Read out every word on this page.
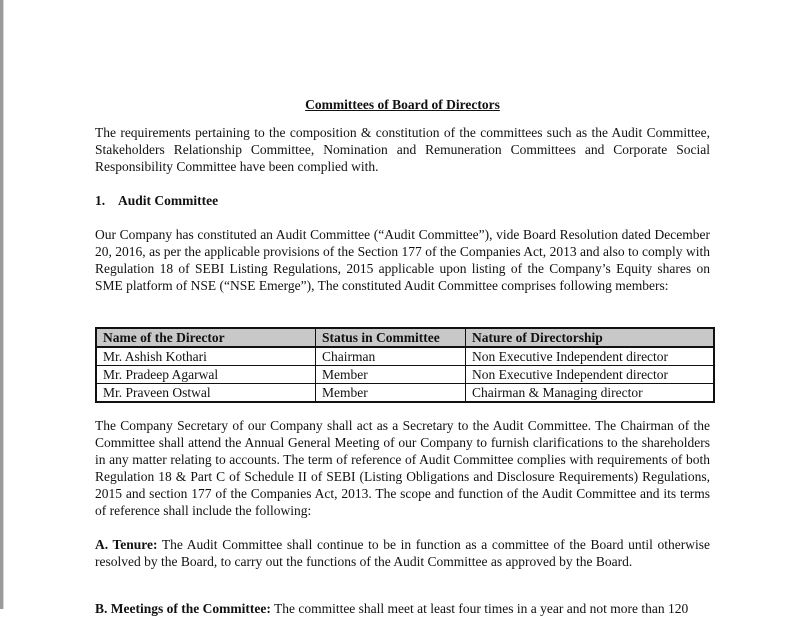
Committees of Board of Directors

The requirements pertaining to the composition & constitution of the committees such as the Audit Committee, Stakeholders Relationship Committee, Nomination and Remuneration Committees and Corporate Social Responsibility Committee have been complied with.

1. Audit Committee

Our Company has constituted an Audit Committee (“Audit Committee”), vide Board Resolution dated December 20, 2016, as per the applicable provisions of the Section 177 of the Companies Act, 2013 and also to comply with Regulation 18 of SEBI Listing Regulations, 2015 applicable upon listing of the Company’s Equity shares on SME platform of NSE (“NSE Emerge”), The constituted Audit Committee comprises following members:

Name of the Director	Status in Committee	Nature of Directorship
Mr. Ashish Kothari	Chairman	Non Executive Independent director
Mr. Pradeep Agarwal	Member	Non Executive Independent director
Mr. Praveen Ostwal	Member	Chairman & Managing director

The Company Secretary of our Company shall act as a Secretary to the Audit Committee. The Chairman of the Committee shall attend the Annual General Meeting of our Company to furnish clarifications to the shareholders in any matter relating to accounts. The term of reference of Audit Committee complies with requirements of both Regulation 18 & Part C of Schedule II of SEBI (Listing Obligations and Disclosure Requirements) Regulations, 2015 and section 177 of the Companies Act, 2013. The scope and function of the Audit Committee and its terms of reference shall include the following:

A. Tenure: The Audit Committee shall continue to be in function as a committee of the Board until otherwise resolved by the Board, to carry out the functions of the Audit Committee as approved by the Board.

B. Meetings of the Committee: The committee shall meet at least four times in a year and not more than 120
